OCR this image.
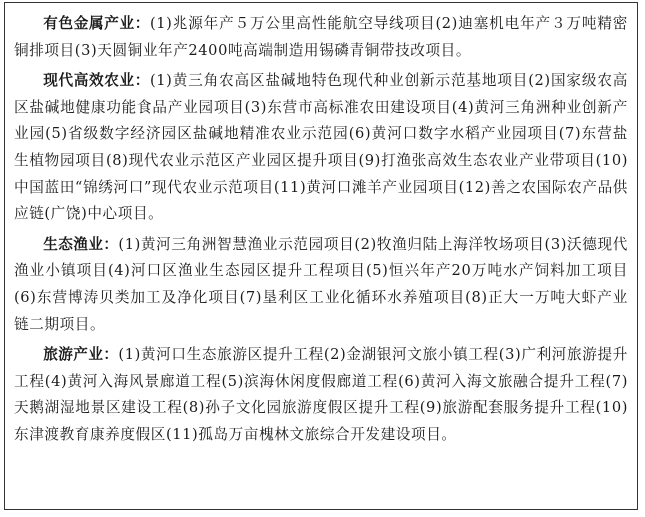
有色金属产业：(1)兆源年产５万公里高性能航空导线项目(2)迪塞机电年产３万吨精密铜排项目(3)天圆铜业年产2400吨高端制造用锡磷青铜带技改项目。

现代高效农业：(1)黄三角农高区盐碱地特色现代种业创新示范基地项目(2)国家级农高区盐碱地健康功能食品产业园项目(3)东营市高标准农田建设项目(4)黄河三角洲种业创新产业园(5)省级数字经济园区盐碱地精准农业示范园(6)黄河口数字水稻产业园项目(7)东营盐生植物园项目(8)现代农业示范区产业园区提升项目(9)打渔张高效生态农业产业带项目(10)中国蓝田“锦绣河口”现代农业示范项目(11)黄河口滩羊产业园项目(12)善之农国际农产品供应链(广饶)中心项目。

生态渔业：(1)黄河三角洲智慧渔业示范园项目(2)牧渔归陆上海洋牧场项目(3)沃德现代渔业小镇项目(4)河口区渔业生态园区提升工程项目(5)恒兴年产20万吨水产饲料加工项目(6)东营博涛贝类加工及净化项目(7)垦利区工业化循环水养殖项目(8)正大一万吨大虾产业链二期项目。

旅游产业：(1)黄河口生态旅游区提升工程(2)金湖银河文旅小镇工程(3)广利河旅游提升工程(4)黄河入海风景廊道工程(5)滨海休闲度假廊道工程(6)黄河入海文旅融合提升工程(7)天鹅湖湿地景区建设工程(8)孙子文化园旅游度假区提升工程(9)旅游配套服务提升工程(10)东津渡教育康养度假区(11)孤岛万亩槐林文旅综合开发建设项目。
